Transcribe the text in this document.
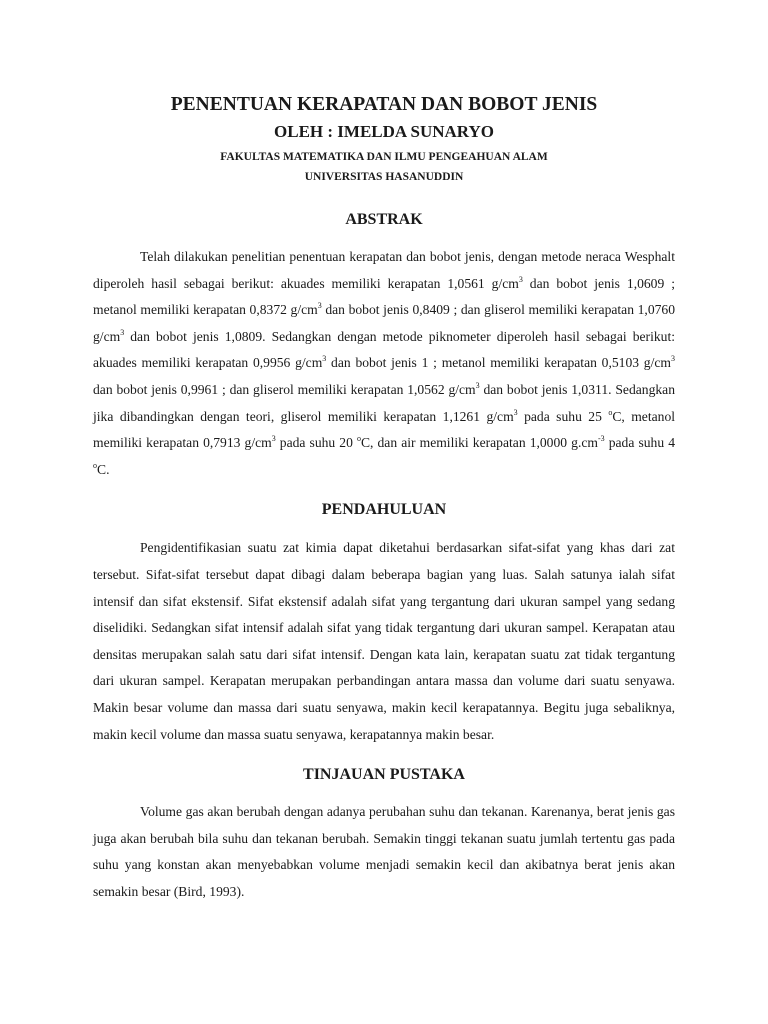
PENENTUAN KERAPATAN DAN BOBOT JENIS
OLEH : IMELDA SUNARYO
FAKULTAS MATEMATIKA DAN ILMU PENGEAHUAN ALAM
UNIVERSITAS HASANUDDIN
ABSTRAK

Telah dilakukan penelitian penentuan kerapatan dan bobot jenis, dengan metode neraca Wesphalt diperoleh hasil sebagai berikut: akuades memiliki kerapatan 1,0561 $g/cm^3$ dan bobot jenis 1,0609 ; metanol memiliki kerapatan 0,8372 $g/cm^3$ dan bobot jenis 0,8409 ; dan gliserol memiliki kerapatan 1,0760 $g/cm^3$ dan bobot jenis 1,0809. Sedangkan dengan metode piknometer diperoleh hasil sebagai berikut: akuades memiliki kerapatan 0,9956 $g/cm^3$ dan bobot jenis 1 ; metanol memiliki kerapatan 0,5103 $g/cm^3$ dan bobot jenis 0,9961 ; dan gliserol memiliki kerapatan 1,0562 $g/cm^3$ dan bobot jenis 1,0311. Sedangkan jika dibandingkan dengan teori, gliserol memiliki kerapatan 1,1261 $g/cm^3$ pada suhu 25 $^o$C, metanol memiliki kerapatan 0,7913 $g/cm^3$ pada suhu 20 $^o$C, dan air memiliki kerapatan 1,0000 $g.cm^{-3}$ pada suhu 4 $^o$C.

PENDAHULUAN

Pengidentifikasian suatu zat kimia dapat diketahui berdasarkan sifat-sifat yang khas dari zat tersebut. Sifat-sifat tersebut dapat dibagi dalam beberapa bagian yang luas. Salah satunya ialah sifat intensif dan sifat ekstensif. Sifat ekstensif adalah sifat yang tergantung dari ukuran sampel yang sedang diselidiki. Sedangkan sifat intensif adalah sifat yang tidak tergantung dari ukuran sampel. Kerapatan atau densitas merupakan salah satu dari sifat intensif. Dengan kata lain, kerapatan suatu zat tidak tergantung dari ukuran sampel. Kerapatan merupakan perbandingan antara massa dan volume dari suatu senyawa. Makin besar volume dan massa dari suatu senyawa, makin kecil kerapatannya. Begitu juga sebaliknya, makin kecil volume dan massa suatu senyawa, kerapatannya makin besar.

TINJAUAN PUSTAKA

Volume gas akan berubah dengan adanya perubahan suhu dan tekanan. Karenanya, berat jenis gas juga akan berubah bila suhu dan tekanan berubah. Semakin tinggi tekanan suatu jumlah tertentu gas pada suhu yang konstan akan menyebabkan volume menjadi semakin kecil dan akibatnya berat jenis akan semakin besar (Bird, 1993).
